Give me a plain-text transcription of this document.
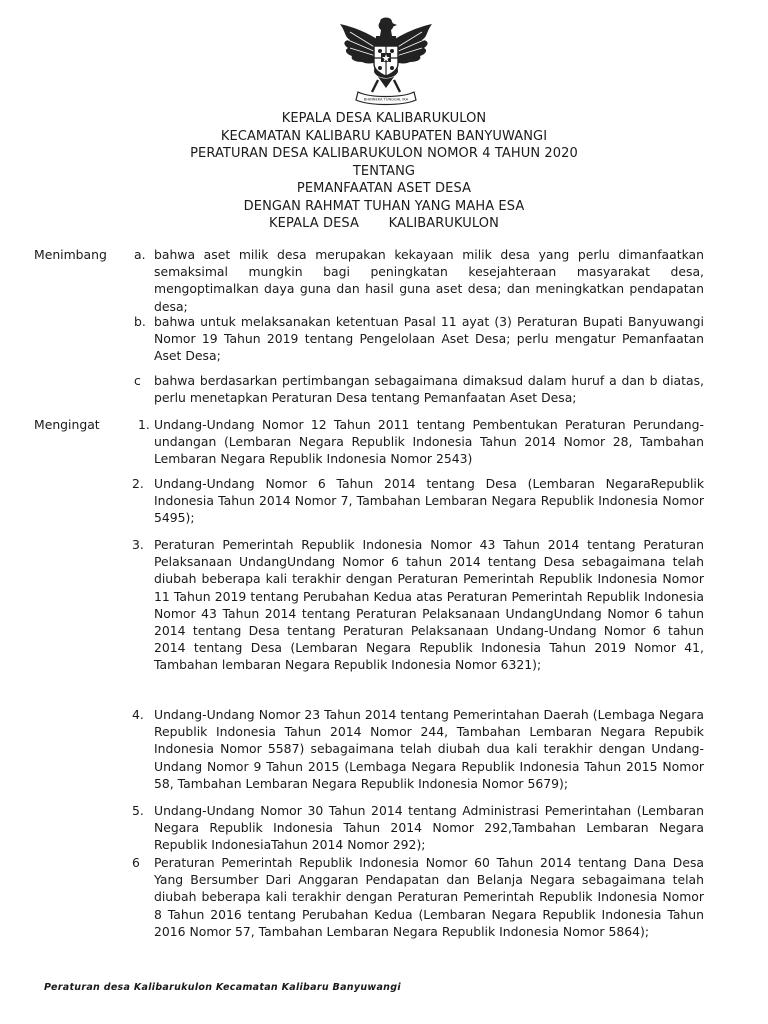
BHINNEKA TUNGGAL IKA
KEPALA DESA KALIBARUKULON
KECAMATAN KALIBARU KABUPATEN BANYUWANGI
PERATURAN DESA KALIBARUKULON NOMOR 4 TAHUN 2020
TENTANG
PEMANFAATAN ASET DESA
DENGAN RAHMAT TUHAN YANG MAHA ESA
KEPALA DESA       KALIBARUKULON
Menimbang a. bahwa aset milik desa merupakan kekayaan milik desa yang perlu dimanfaatkan semaksimal mungkin bagi peningkatan kesejahteraan masyarakat desa, mengoptimalkan daya guna dan hasil guna aset desa; dan meningkatkan pendapatan desa;
b. bahwa untuk melaksanakan ketentuan Pasal 11 ayat (3) Peraturan Bupati Banyuwangi Nomor 19 Tahun 2019 tentang Pengelolaan Aset Desa; perlu mengatur Pemanfaatan Aset Desa;
c bahwa berdasarkan pertimbangan sebagaimana dimaksud dalam huruf a dan b diatas, perlu menetapkan Peraturan Desa tentang Pemanfaatan Aset Desa;
Mengingat	1. Undang-Undang Nomor 12 Tahun 2011 tentang Pembentukan Peraturan Perundang-undangan (Lembaran Negara Republik Indonesia Tahun 2014 Nomor 28, Tambahan Lembaran Negara Republik Indonesia Nomor 2543)
2. Undang-Undang Nomor 6 Tahun 2014 tentang Desa (Lembaran NegaraRepublik Indonesia Tahun 2014 Nomor 7, Tambahan Lembaran Negara Republik Indonesia Nomor 5495);
3. Peraturan Pemerintah Republik Indonesia Nomor 43 Tahun 2014 tentang Peraturan Pelaksanaan UndangUndang Nomor 6 tahun 2014 tentang Desa sebagaimana telah diubah beberapa kali terakhir dengan Peraturan Pemerintah Republik Indonesia Nomor 11 Tahun 2019 tentang Perubahan Kedua atas Peraturan Pemerintah Republik Indonesia Nomor 43 Tahun 2014 tentang Peraturan Pelaksanaan UndangUndang Nomor 6 tahun 2014 tentang Desa tentang Peraturan Pelaksanaan Undang-Undang Nomor 6 tahun 2014 tentang Desa (Lembaran Negara Republik Indonesia Tahun 2019 Nomor 41, Tambahan lembaran Negara Republik Indonesia Nomor 6321);
4. Undang-Undang Nomor 23 Tahun 2014 tentang Pemerintahan Daerah (Lembaga Negara Republik Indonesia Tahun 2014 Nomor 244, Tambahan Lembaran Negara Repubik Indonesia Nomor 5587) sebagaimana telah diubah dua kali terakhir dengan Undang-Undang Nomor 9 Tahun 2015 (Lembaga Negara Republik Indonesia Tahun 2015 Nomor 58, Tambahan Lembaran Negara Republik Indonesia Nomor 5679);
5. Undang-Undang Nomor 30 Tahun 2014 tentang Administrasi Pemerintahan (Lembaran Negara Republik Indonesia Tahun 2014 Nomor 292,Tambahan Lembaran Negara Republik IndonesiaTahun 2014 Nomor 292);
6 Peraturan Pemerintah Republik Indonesia Nomor 60 Tahun 2014 tentang Dana Desa Yang Bersumber Dari Anggaran Pendapatan dan Belanja Negara sebagaimana telah diubah beberapa kali terakhir dengan Peraturan Pemerintah Republik Indonesia Nomor 8 Tahun 2016 tentang Perubahan Kedua (Lembaran Negara Republik Indonesia Tahun 2016 Nomor 57, Tambahan Lembaran Negara Republik Indonesia Nomor 5864);
Peraturan desa Kalibarukulon Kecamatan Kalibaru Banyuwangi
